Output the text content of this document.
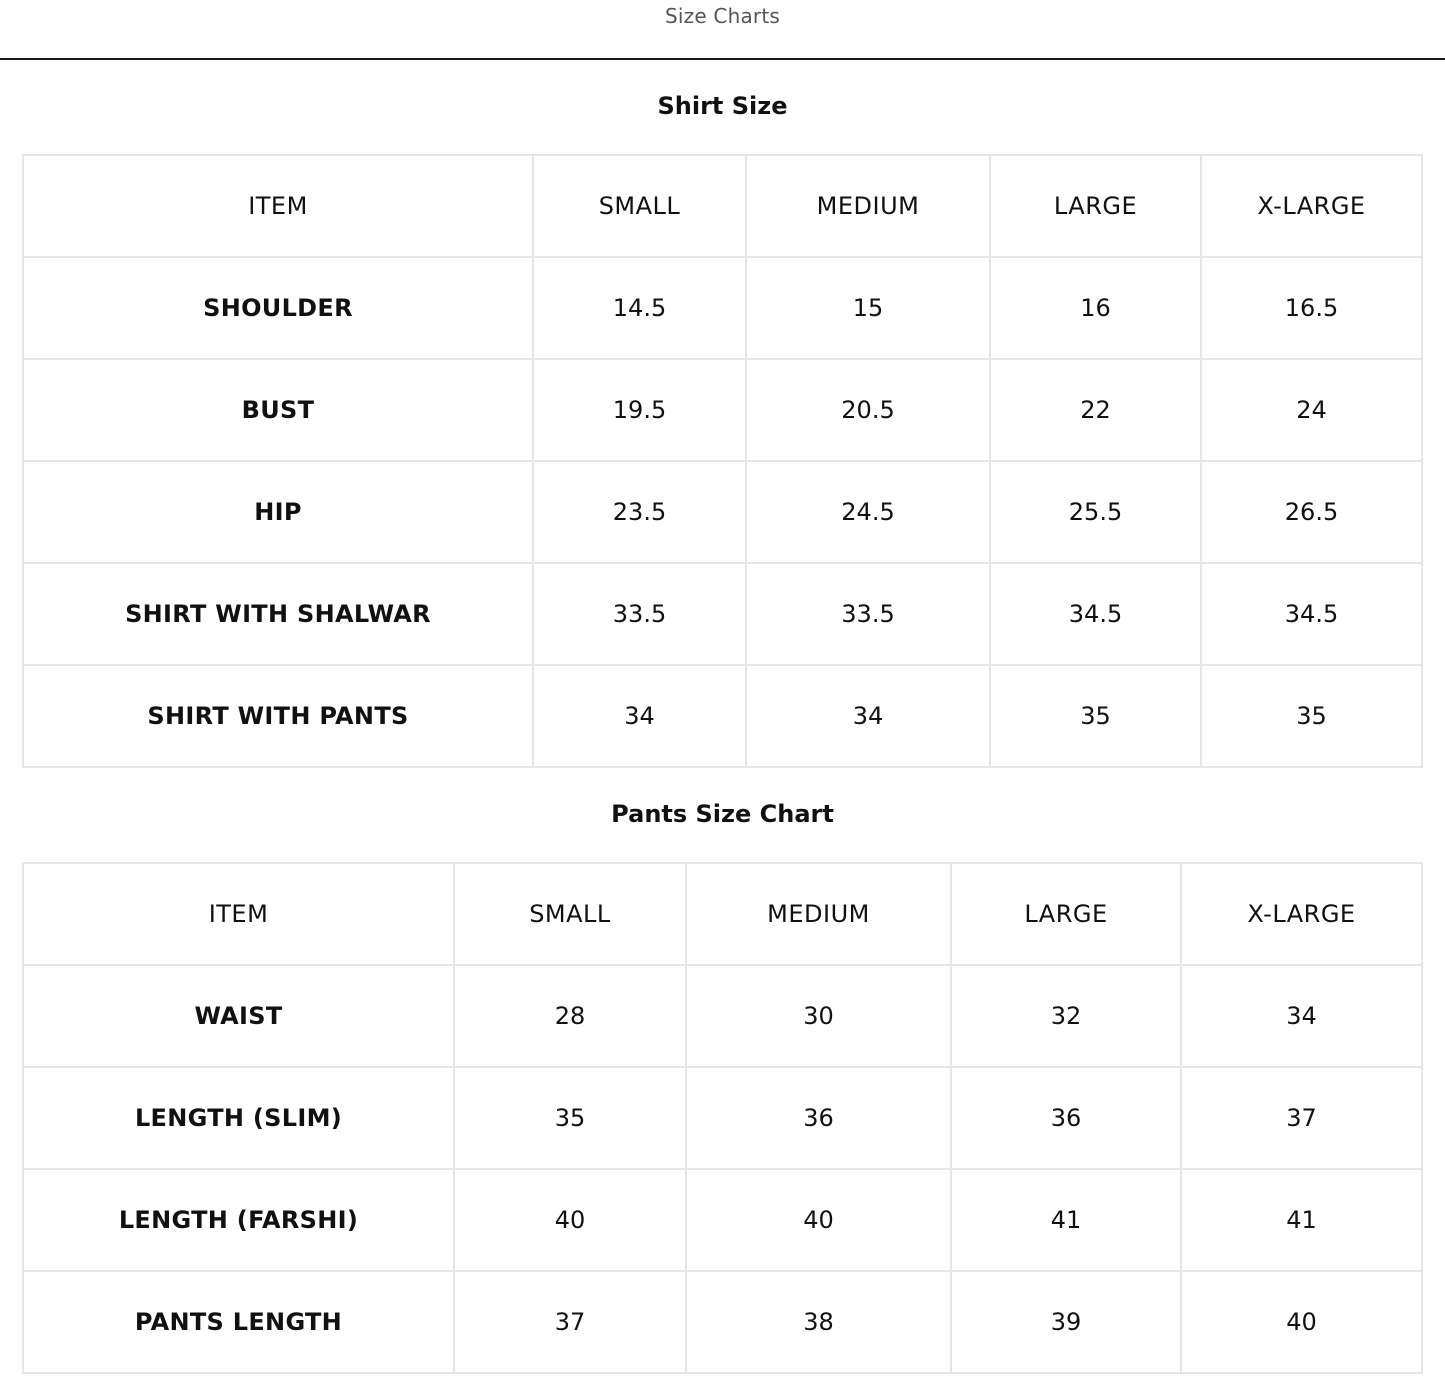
Size Charts
Shirt Size
ITEM	SMALL	MEDIUM	LARGE	X-LARGE
SHOULDER	14.5	15	16	16.5
BUST	19.5	20.5	22	24
HIP	23.5	24.5	25.5	26.5
SHIRT WITH SHALWAR	33.5	33.5	34.5	34.5
SHIRT WITH PANTS	34	34	35	35
Pants Size Chart
ITEM	SMALL	MEDIUM	LARGE	X-LARGE
WAIST	28	30	32	34
LENGTH (SLIM)	35	36	36	37
LENGTH (FARSHI)	40	40	41	41
PANTS LENGTH	37	38	39	40
